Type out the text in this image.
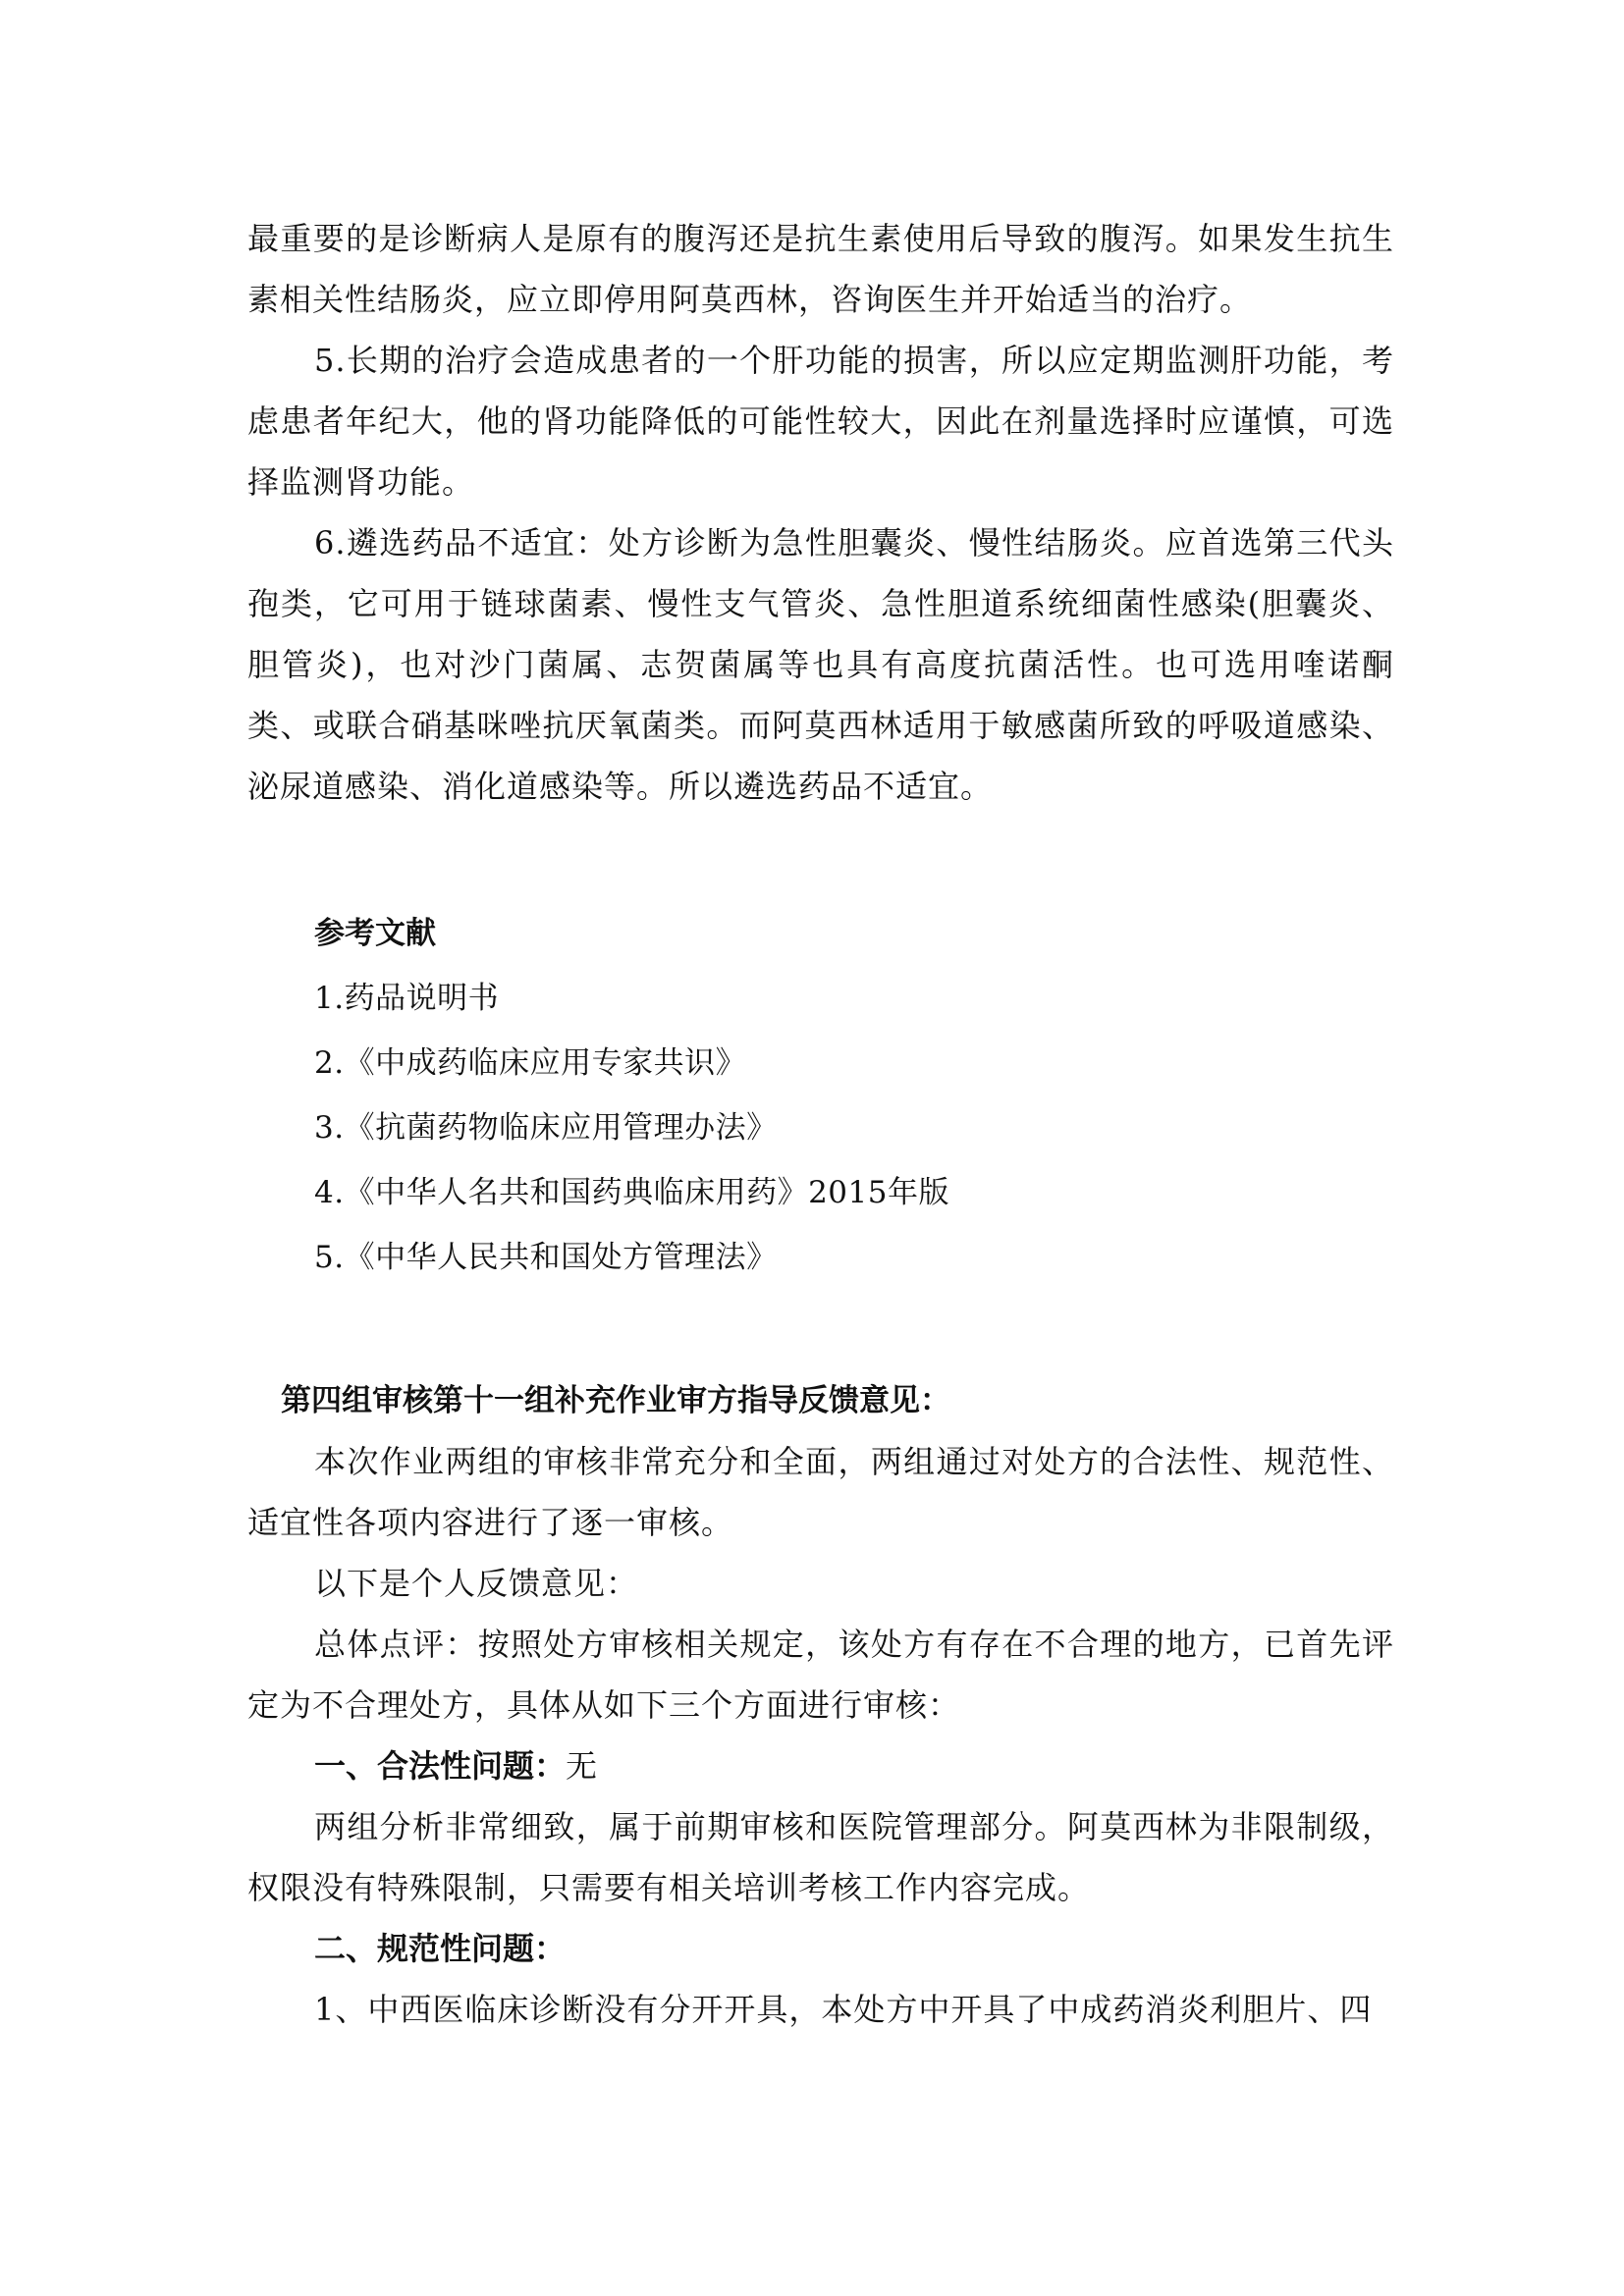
最重要的是诊断病人是原有的腹泻还是抗生素使用后导致的腹泻。如果发生抗生素相关性结肠炎，应立即停用阿莫西林，咨询医生并开始适当的治疗。

5.长期的治疗会造成患者的一个肝功能的损害，所以应定期监测肝功能，考虑患者年纪大，他的肾功能降低的可能性较大，因此在剂量选择时应谨慎，可选择监测肾功能。

6.遴选药品不适宜：处方诊断为急性胆囊炎、慢性结肠炎。应首选第三代头孢类，它可用于链球菌素、慢性支气管炎、急性胆道系统细菌性感染(胆囊炎、胆管炎)，也对沙门菌属、志贺菌属等也具有高度抗菌活性。也可选用喹诺酮类、或联合硝基咪唑抗厌氧菌类。而阿莫西林适用于敏感菌所致的呼吸道感染、泌尿道感染、消化道感染等。所以遴选药品不适宜。

参考文献
1.药品说明书
2.《中成药临床应用专家共识》
3.《抗菌药物临床应用管理办法》
4.《中华人名共和国药典临床用药》2015年版
5.《中华人民共和国处方管理法》
第四组审核第十一组补充作业审方指导反馈意见：

本次作业两组的审核非常充分和全面，两组通过对处方的合法性、规范性、适宜性各项内容进行了逐一审核。

以下是个人反馈意见：

总体点评：按照处方审核相关规定，该处方有存在不合理的地方，已首先评定为不合理处方，具体从如下三个方面进行审核：

一、合法性问题：无

两组分析非常细致，属于前期审核和医院管理部分。阿莫西林为非限制级，权限没有特殊限制，只需要有相关培训考核工作内容完成。

二、规范性问题：

1、中西医临床诊断没有分开开具，本处方中开具了中成药消炎利胆片、四
